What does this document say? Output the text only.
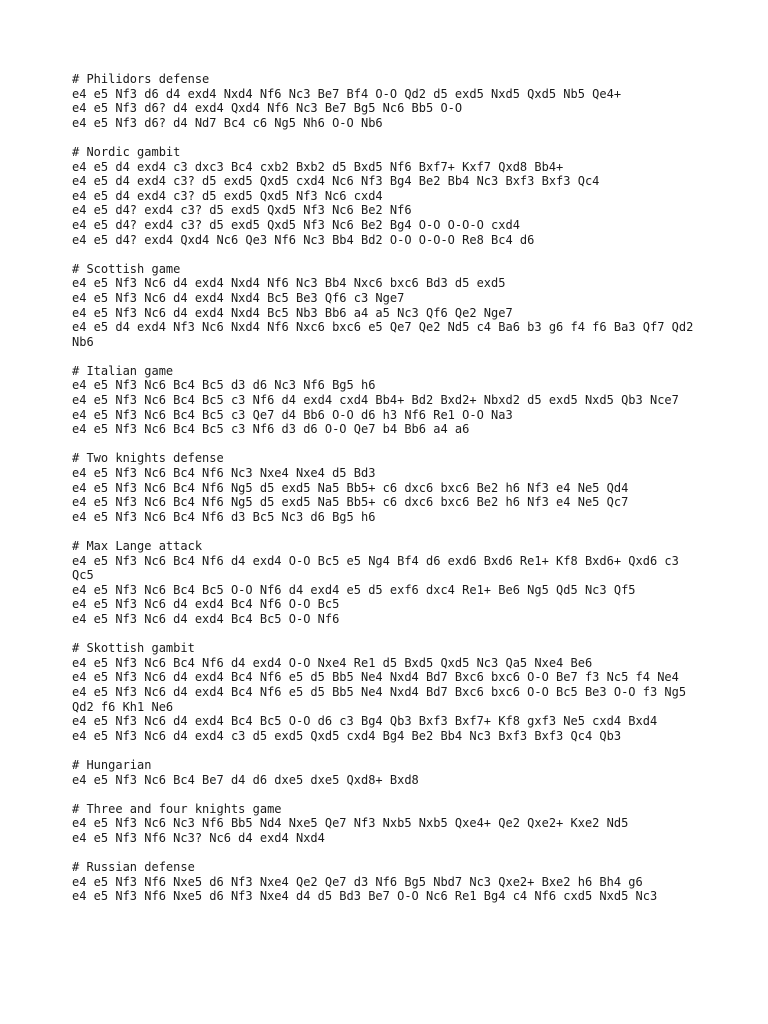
# Philidors defense
e4 e5 Nf3 d6 d4 exd4 Nxd4 Nf6 Nc3 Be7 Bf4 O-O Qd2 d5 exd5 Nxd5 Qxd5 Nb5 Qe4+
e4 e5 Nf3 d6? d4 exd4 Qxd4 Nf6 Nc3 Be7 Bg5 Nc6 Bb5 O-O
e4 e5 Nf3 d6? d4 Nd7 Bc4 c6 Ng5 Nh6 O-O Nb6
# Nordic gambit
e4 e5 d4 exd4 c3 dxc3 Bc4 cxb2 Bxb2 d5 Bxd5 Nf6 Bxf7+ Kxf7 Qxd8 Bb4+
e4 e5 d4 exd4 c3? d5 exd5 Qxd5 cxd4 Nc6 Nf3 Bg4 Be2 Bb4 Nc3 Bxf3 Bxf3 Qc4
e4 e5 d4 exd4 c3? d5 exd5 Qxd5 Nf3 Nc6 cxd4
e4 e5 d4? exd4 c3? d5 exd5 Qxd5 Nf3 Nc6 Be2 Nf6
e4 e5 d4? exd4 c3? d5 exd5 Qxd5 Nf3 Nc6 Be2 Bg4 O-O O-O-O cxd4
e4 e5 d4? exd4 Qxd4 Nc6 Qe3 Nf6 Nc3 Bb4 Bd2 O-O O-O-O Re8 Bc4 d6
# Scottish game
e4 e5 Nf3 Nc6 d4 exd4 Nxd4 Nf6 Nc3 Bb4 Nxc6 bxc6 Bd3 d5 exd5
e4 e5 Nf3 Nc6 d4 exd4 Nxd4 Bc5 Be3 Qf6 c3 Nge7
e4 e5 Nf3 Nc6 d4 exd4 Nxd4 Bc5 Nb3 Bb6 a4 a5 Nc3 Qf6 Qe2 Nge7
e4 e5 d4 exd4 Nf3 Nc6 Nxd4 Nf6 Nxc6 bxc6 e5 Qe7 Qe2 Nd5 c4 Ba6 b3 g6 f4 f6 Ba3 Qf7 Qd2 Nb6
# Italian game
e4 e5 Nf3 Nc6 Bc4 Bc5 d3 d6 Nc3 Nf6 Bg5 h6
e4 e5 Nf3 Nc6 Bc4 Bc5 c3 Nf6 d4 exd4 cxd4 Bb4+ Bd2 Bxd2+ Nbxd2 d5 exd5 Nxd5 Qb3 Nce7
e4 e5 Nf3 Nc6 Bc4 Bc5 c3 Qe7 d4 Bb6 O-O d6 h3 Nf6 Re1 O-O Na3
e4 e5 Nf3 Nc6 Bc4 Bc5 c3 Nf6 d3 d6 O-O Qe7 b4 Bb6 a4 a6
# Two knights defense
e4 e5 Nf3 Nc6 Bc4 Nf6 Nc3 Nxe4 Nxe4 d5 Bd3
e4 e5 Nf3 Nc6 Bc4 Nf6 Ng5 d5 exd5 Na5 Bb5+ c6 dxc6 bxc6 Be2 h6 Nf3 e4 Ne5 Qd4
e4 e5 Nf3 Nc6 Bc4 Nf6 Ng5 d5 exd5 Na5 Bb5+ c6 dxc6 bxc6 Be2 h6 Nf3 e4 Ne5 Qc7
e4 e5 Nf3 Nc6 Bc4 Nf6 d3 Bc5 Nc3 d6 Bg5 h6
# Max Lange attack
e4 e5 Nf3 Nc6 Bc4 Nf6 d4 exd4 O-O Bc5 e5 Ng4 Bf4 d6 exd6 Bxd6 Re1+ Kf8 Bxd6+ Qxd6 c3 Qc5
e4 e5 Nf3 Nc6 Bc4 Bc5 O-O Nf6 d4 exd4 e5 d5 exf6 dxc4 Re1+ Be6 Ng5 Qd5 Nc3 Qf5
e4 e5 Nf3 Nc6 d4 exd4 Bc4 Nf6 O-O Bc5
e4 e5 Nf3 Nc6 d4 exd4 Bc4 Bc5 O-O Nf6
# Skottish gambit
e4 e5 Nf3 Nc6 Bc4 Nf6 d4 exd4 O-O Nxe4 Re1 d5 Bxd5 Qxd5 Nc3 Qa5 Nxe4 Be6
e4 e5 Nf3 Nc6 d4 exd4 Bc4 Nf6 e5 d5 Bb5 Ne4 Nxd4 Bd7 Bxc6 bxc6 O-O Be7 f3 Nc5 f4 Ne4
e4 e5 Nf3 Nc6 d4 exd4 Bc4 Nf6 e5 d5 Bb5 Ne4 Nxd4 Bd7 Bxc6 bxc6 O-O Bc5 Be3 O-O f3 Ng5 Qd2 f6 Kh1 Ne6
e4 e5 Nf3 Nc6 d4 exd4 Bc4 Bc5 O-O d6 c3 Bg4 Qb3 Bxf3 Bxf7+ Kf8 gxf3 Ne5 cxd4 Bxd4
e4 e5 Nf3 Nc6 d4 exd4 c3 d5 exd5 Qxd5 cxd4 Bg4 Be2 Bb4 Nc3 Bxf3 Bxf3 Qc4 Qb3
# Hungarian
e4 e5 Nf3 Nc6 Bc4 Be7 d4 d6 dxe5 dxe5 Qxd8+ Bxd8
# Three and four knights game
e4 e5 Nf3 Nc6 Nc3 Nf6 Bb5 Nd4 Nxe5 Qe7 Nf3 Nxb5 Nxb5 Qxe4+ Qe2 Qxe2+ Kxe2 Nd5
e4 e5 Nf3 Nf6 Nc3? Nc6 d4 exd4 Nxd4
# Russian defense
e4 e5 Nf3 Nf6 Nxe5 d6 Nf3 Nxe4 Qe2 Qe7 d3 Nf6 Bg5 Nbd7 Nc3 Qxe2+ Bxe2 h6 Bh4 g6
e4 e5 Nf3 Nf6 Nxe5 d6 Nf3 Nxe4 d4 d5 Bd3 Be7 O-O Nc6 Re1 Bg4 c4 Nf6 cxd5 Nxd5 Nc3
